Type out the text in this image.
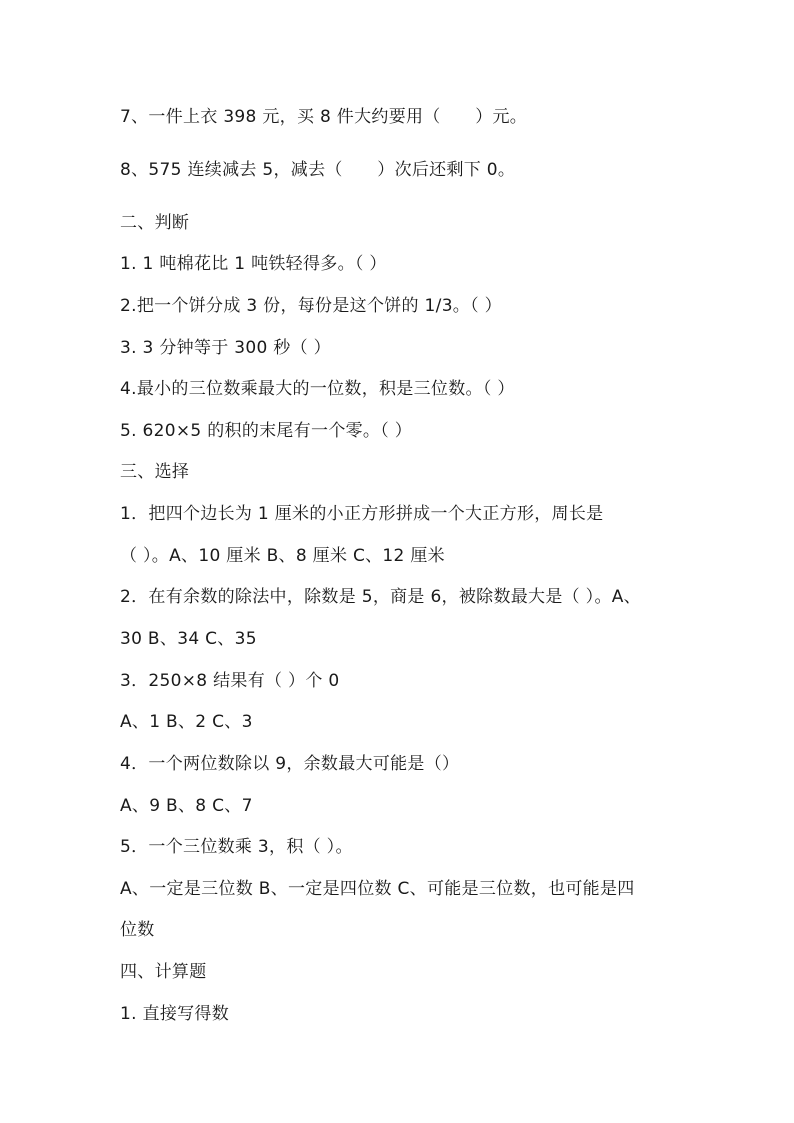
7、一件上衣 398 元，买 8 件大约要用（　　）元。
8、575 连续减去 5，减去（　　）次后还剩下 0。
二、判断
1. 1 吨棉花比 1 吨铁轻得多。（ ）
2.把一个饼分成 3 份，每份是这个饼的 1/3。（ ）
3. 3 分钟等于 300 秒（ ）
4.最小的三位数乘最大的一位数，积是三位数。（ ）
5. 620×5 的积的末尾有一个零。（ ）
三、选择
1．把四个边长为 1 厘米的小正方形拼成一个大正方形，周长是
（ ）。A、10 厘米 B、8 厘米 C、12 厘米
2．在有余数的除法中，除数是 5，商是 6，被除数最大是（ ）。A、
30 B、34 C、35
3．250×8 结果有（ ）个 0
A、1 B、2 C、3
4．一个两位数除以 9，余数最大可能是（）
A、9 B、8 C、7
5．一个三位数乘 3，积（ ）。
A、一定是三位数 B、一定是四位数 C、可能是三位数，也可能是四
位数
四、计算题
1. 直接写得数
